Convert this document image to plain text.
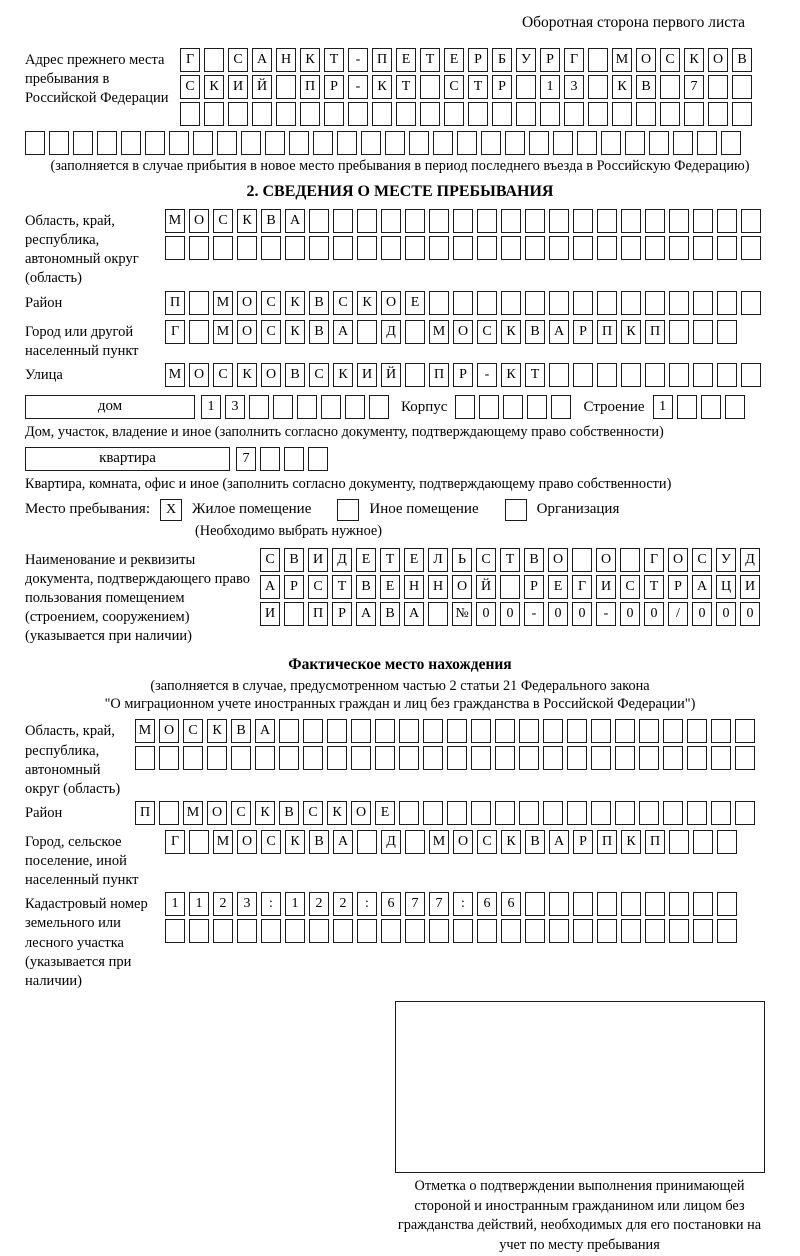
Оборотная сторона первого листа
Адрес прежнего места пребывания в Российской Федерации
Г	С А Н К Т - П Е Т Е Р Б У Р Г	М О С К О В
С К И Й	П Р - К Т	С Т Р	1 3	К В	7
(заполняется в случае прибытия в новое место пребывания в период последнего въезда в Российскую Федерацию)
2. СВЕДЕНИЯ О МЕСТЕ ПРЕБЫВАНИЯ
Область, край, республика, автономный округ (область)
М О С К В А
Район	П	М О С К В С К О Е
Город или другой населенный пункт
Г	М О С К В А	Д	М О С К В А Р П К П
Улица	М О С К О В С К И Й	П Р - К Т
дом	1 3	Корпус	Строение	1
Дом, участок, владение и иное (заполнить согласно документу, подтверждающему право собственности)
квартира	7
Квартира, комната, офис и иное (заполнить согласно документу, подтверждающему право собственности)
Место пребывания:	X	Жилое помещение	Иное помещение	Организация
(Необходимо выбрать нужное)
Наименование и реквизиты документа, подтверждающего право пользования помещением (строением, сооружением) (указывается при наличии)
С В И Д Е Т Е Л Ь С Т В О	О	Г О С У Д
А Р С Т В Е Н Н О Й	Р Е Г И С Т Р А Ц И
И	П Р А В А	№ 0 0 - 0 0 - 0 0 / 0 0 0
Фактическое место нахождения
(заполняется в случае, предусмотренном частью 2 статьи 21 Федерального закона
"О миграционном учете иностранных граждан и лиц без гражданства в Российской Федерации")
Область, край, республика, автономный округ (область)
М О С К В А
Район	П	М О С К В С К О Е
Город, сельское поселение, иной населенный пункт
Г	М О С К В А	Д	М О С К В А Р П К П
Кадастровый номер земельного или лесного участка (указывается при наличии)
1 1 2 3 : 1 2 2 : 6 7 7 : 6 6
Отметка о подтверждении выполнения принимающей стороной и иностранным гражданином или лицом без гражданства действий, необходимых для его постановки на учет по месту пребывания
